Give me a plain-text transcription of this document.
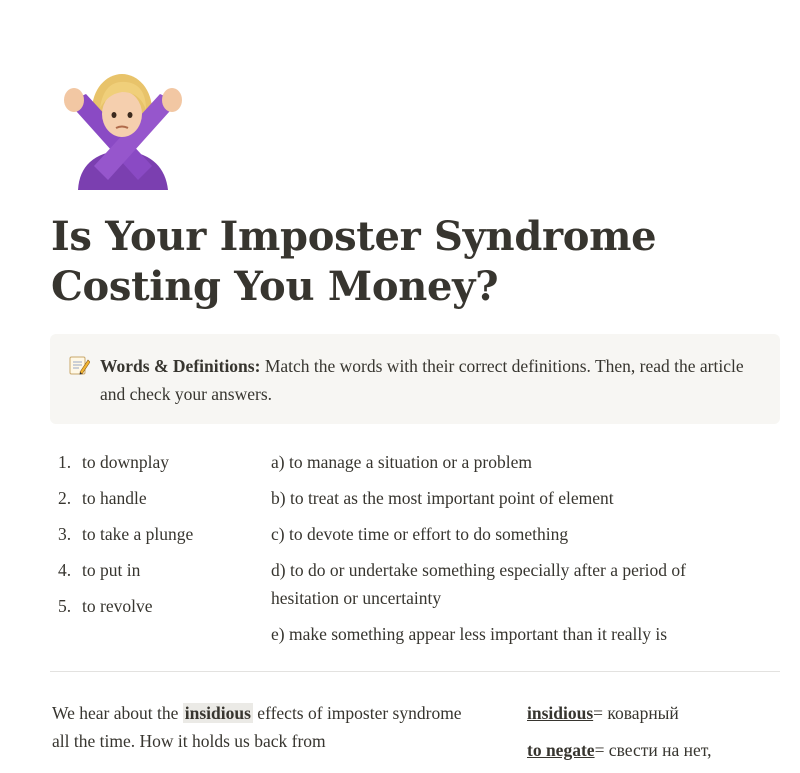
Is Your Imposter Syndrome Costing You Money?
Words & Definitions: Match the words with their correct definitions. Then, read the article and check your answers.
1. to downplay
2. to handle
3. to take a plunge
4. to put in
5. to revolve
a) to manage a situation or a problem
b) to treat as the most important point of element
c) to devote time or effort to do something
d) to do or undertake something especially after a period of hesitation or uncertainty
e) make something appear less important than it really is
We hear about the insidious effects of imposter syndrome all the time. How it holds us back from
insidious= коварный
to negate= свести на нет,
